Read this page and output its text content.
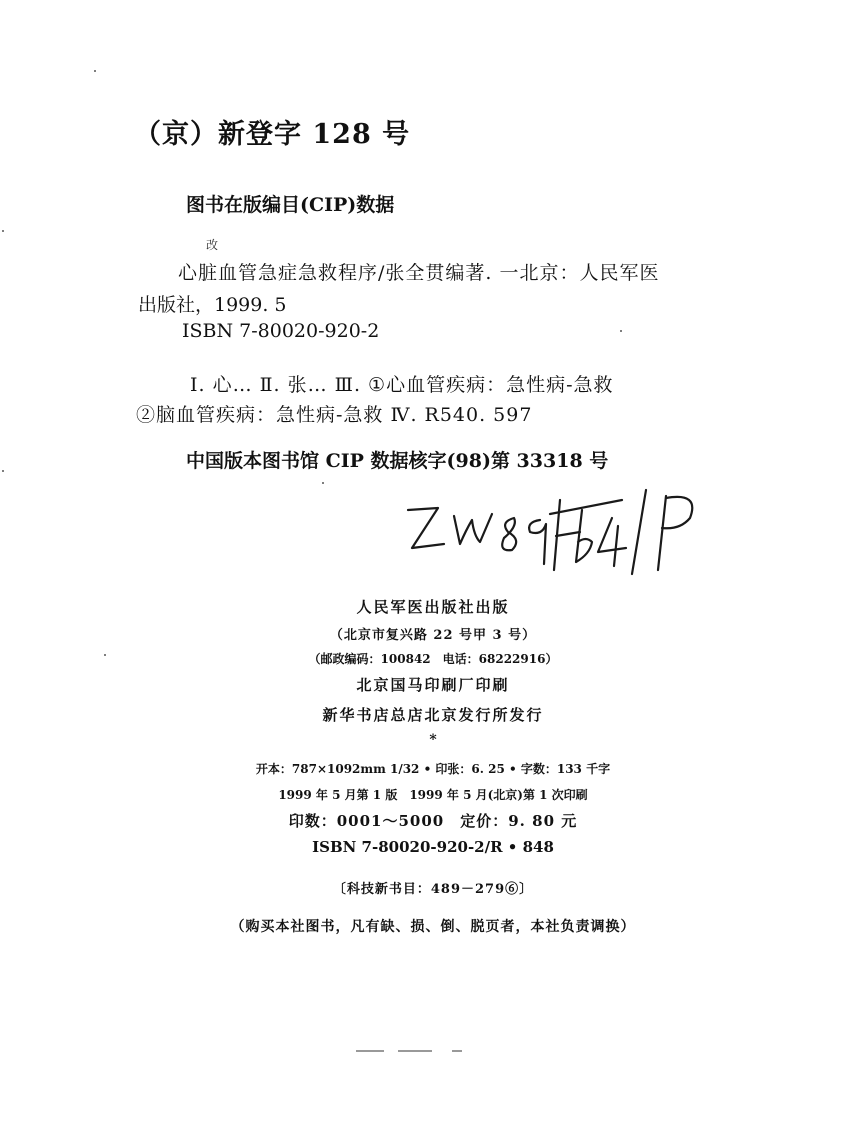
（京）新登字 128 号
图书在版编目(CIP)数据
改
心脏血管急症急救程序/张全贯编著. 一北京：人民军医
出版社，1999. 5
ISBN 7-80020-920-2
Ⅰ. 心… Ⅱ. 张… Ⅲ. ①心血管疾病：急性病-急救
②脑血管疾病：急性病-急救 Ⅳ. R540. 597
中国版本图书馆 CIP 数据核字(98)第 33318 号
人民军医出版社出版
（北京市复兴路 22 号甲 3 号）
（邮政编码：100842　电话：68222916）
北京国马印刷厂印刷
新华书店总店北京发行所发行
*
开本：787×1092mm 1/32 • 印张：6. 25 • 字数：133 千字
1999 年 5 月第 1 版　1999 年 5 月(北京)第 1 次印刷
印数：0001～5000　定价：9. 80 元
ISBN 7-80020-920-2/R • 848
〔科技新书目：489－279⑥〕
（购买本社图书，凡有缺、损、倒、脱页者，本社负责调换）
